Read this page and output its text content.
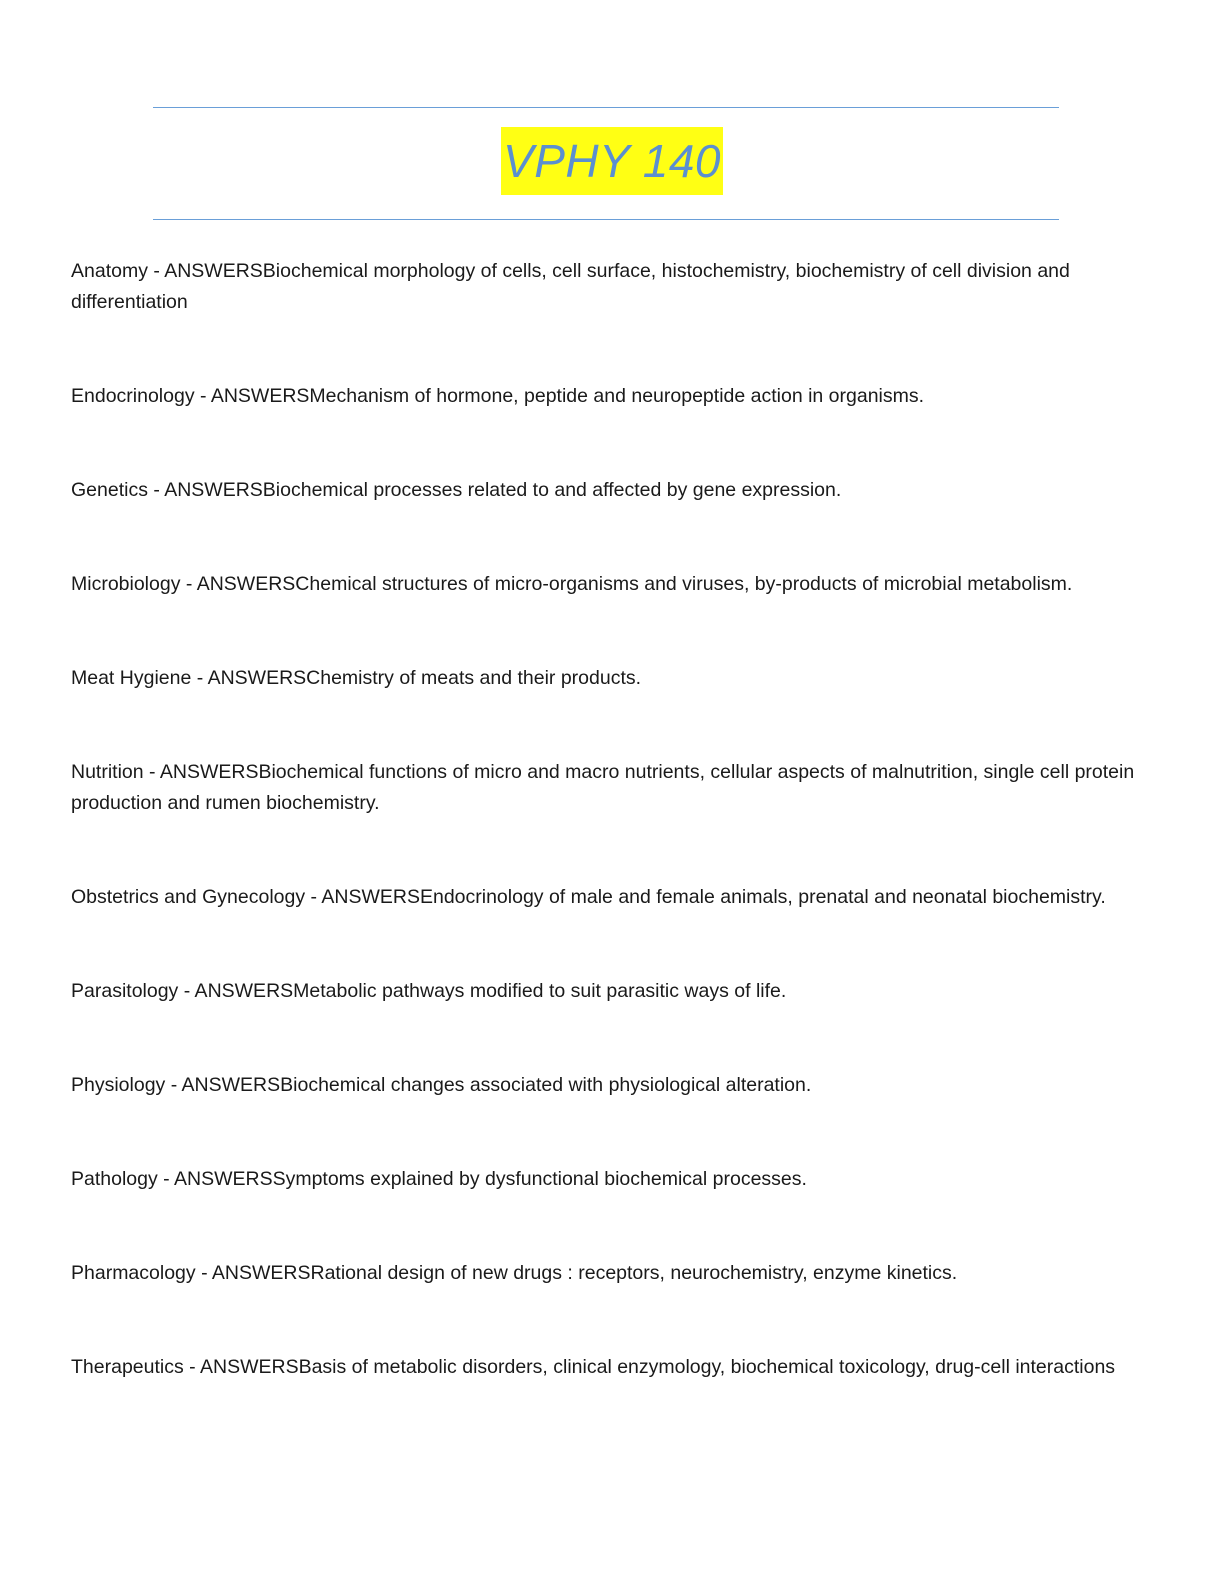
VPHY 140

Anatomy - ANSWERSBiochemical morphology of cells, cell surface, histochemistry, biochemistry of cell division and differentiation

Endocrinology - ANSWERSMechanism of hormone, peptide and neuropeptide action in organisms.

Genetics - ANSWERSBiochemical processes related to and affected by gene expression.

Microbiology - ANSWERSChemical structures of micro-organisms and viruses, by-products of microbial metabolism.

Meat Hygiene - ANSWERSChemistry of meats and their products.

Nutrition - ANSWERSBiochemical functions of micro and macro nutrients, cellular aspects of malnutrition, single cell protein production and rumen biochemistry.

Obstetrics and Gynecology - ANSWERSEndocrinology of male and female animals, prenatal and neonatal biochemistry.

Parasitology - ANSWERSMetabolic pathways modified to suit parasitic ways of life.

Physiology - ANSWERSBiochemical changes associated with physiological alteration.

Pathology - ANSWERSSymptoms explained by dysfunctional biochemical processes.

Pharmacology - ANSWERSRational design of new drugs : receptors, neurochemistry, enzyme kinetics.

Therapeutics - ANSWERSBasis of metabolic disorders, clinical enzymology, biochemical toxicology, drug-cell interactions
